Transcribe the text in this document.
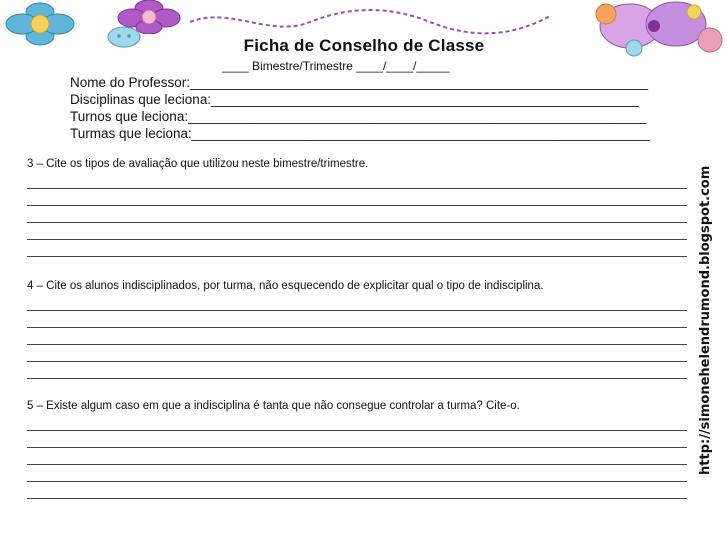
Ficha de Conselho de Classe
____ Bimestre/Trimestre ____/____/_____
Nome do Professor:_____________________________________________________________
Disciplinas que leciona:_________________________________________________________
Turnos que leciona:_____________________________________________________________
Turmas que leciona:_____________________________________________________________
3 – Cite os tipos de avaliação que utilizou neste bimestre/trimestre.
4 – Cite os alunos indisciplinados, por turma, não esquecendo de explicitar qual o tipo de indisciplina.
5 – Existe algum caso em que a indisciplina é tanta que não consegue controlar a turma? Cite-o.	http://simonehelendrumond.blogspot.com
